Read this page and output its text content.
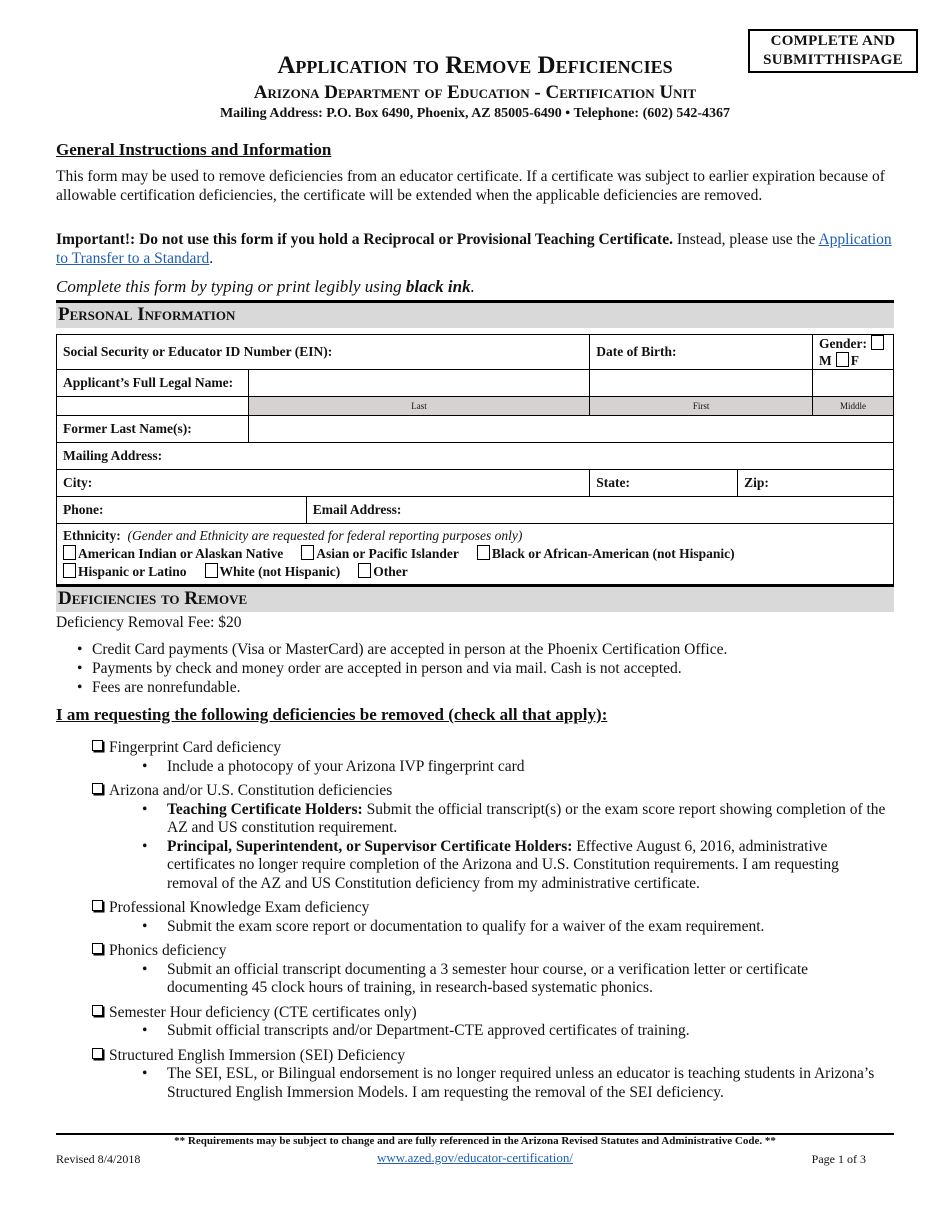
COMPLETE AND
SUBMITTHISPAGE
Application to Remove Deficiencies
Arizona Department of Education - Certification Unit
Mailing Address: P.O. Box 6490, Phoenix, AZ 85005-6490 • Telephone: (602) 542-4367
General Instructions and Information
This form may be used to remove deficiencies from an educator certificate. If a certificate was subject to earlier expiration because of allowable certification deficiencies, the certificate will be extended when the applicable deficiencies are removed.
Important!: Do not use this form if you hold a Reciprocal or Provisional Teaching Certificate. Instead, please use the Application to Transfer to a Standard.
Complete this form by typing or print legibly using black ink.
Personal Information
Social Security or Educator ID Number (EIN):			Date of Birth:		Gender:M F
Applicant’s Full Legal Name:					
	Last		First		Middle
Former Last Name(s):					
Mailing Address:					
City:			State:	Zip:	
Phone:		Email Address:			

Ethnicity: (Gender and Ethnicity are requested for federal reporting purposes only)
American Indian or Alaskan Native Asian or Pacific Islander Black or African-American (not Hispanic)
Hispanic or Latino White (not Hispanic) Other					
Deficiencies to Remove
Deficiency Removal Fee: $20
• Credit Card payments (Visa or MasterCard) are accepted in person at the Phoenix Certification Office.
• Payments by check and money order are accepted in person and via mail. Cash is not accepted.
• Fees are nonrefundable.
I am requesting the following deficiencies be removed (check all that apply):
Fingerprint Card deficiency
• Include a photocopy of your Arizona IVP fingerprint card
Arizona and/or U.S. Constitution deficiencies
• Teaching Certificate Holders: Submit the official transcript(s) or the exam score report showing completion of the AZ and US constitution requirement.
• Principal, Superintendent, or Supervisor Certificate Holders: Effective August 6, 2016, administrative certificates no longer require completion of the Arizona and U.S. Constitution requirements. I am requesting removal of the AZ and US Constitution deficiency from my administrative certificate.
Professional Knowledge Exam deficiency
• Submit the exam score report or documentation to qualify for a waiver of the exam requirement.
Phonics deficiency
• Submit an official transcript documenting a 3 semester hour course, or a verification letter or certificate documenting 45 clock hours of training, in research-based systematic phonics.
Semester Hour deficiency (CTE certificates only)
• Submit official transcripts and/or Department-CTE approved certificates of training.
Structured English Immersion (SEI) Deficiency
• The SEI, ESL, or Bilingual endorsement is no longer required unless an educator is teaching students in Arizona’s Structured English Immersion Models. I am requesting the removal of the SEI deficiency.
** Requirements may be subject to change and are fully referenced in the Arizona Revised Statutes and Administrative Code. **
Revised 8/4/2018	www.azed.gov/educator-certification/	Page 1 of 3
